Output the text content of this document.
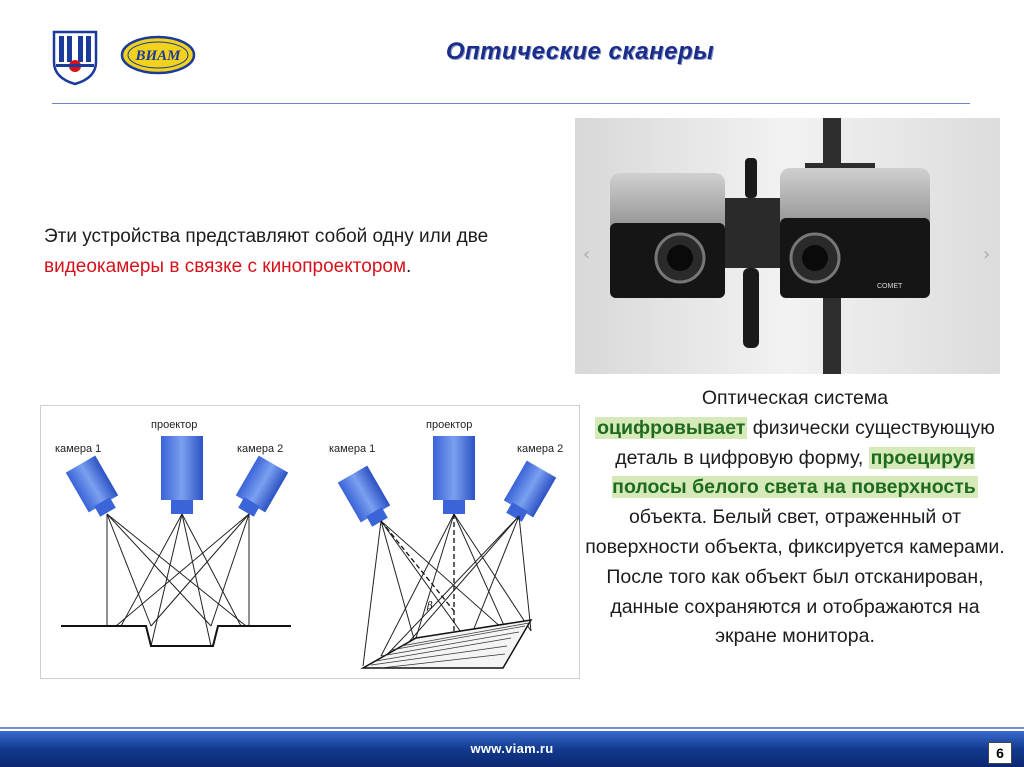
ВИАМ	Оптические сканеры
Эти устройства представляют собой одну или две видеокамеры в связке с кинопроектором.
COMET
‹	›
Оптическая система
оцифровывает физически существующую деталь в цифровую форму, проецируя полосы белого света на поверхность объекта. Белый свет, отраженный от поверхности объекта, фиксируется камерами. После того как объект был отсканирован, данные сохраняются и отображаются на экране монитора.
камера 1
проектор
камера 2
β
камера 1
проектор
камера 2
www.viam.ru	6
